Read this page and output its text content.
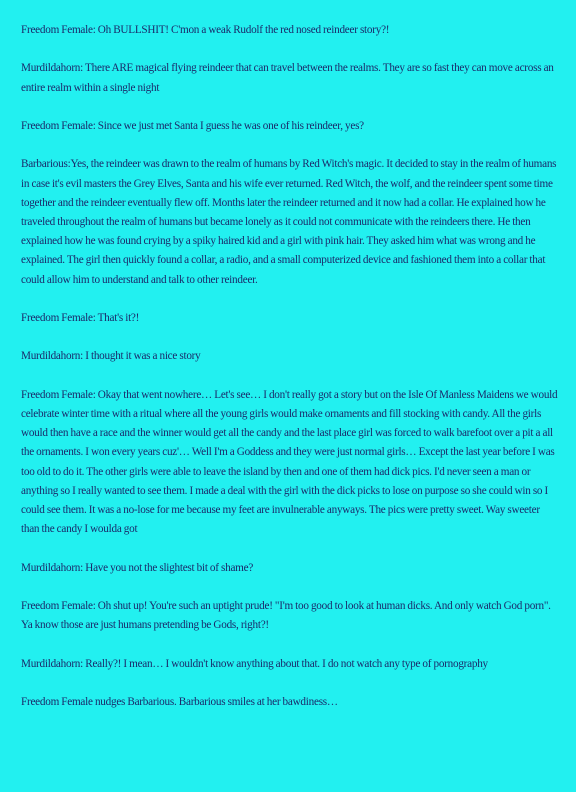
Freedom Female: Oh BULLSHIT! C'mon a weak Rudolf the red nosed reindeer story?!

Murdildahorn: There ARE magical flying reindeer that can travel between the realms. They are so fast they can move across an entire realm within a single night

Freedom Female: Since we just met Santa I guess he was one of his reindeer, yes?

Barbarious:Yes, the reindeer was drawn to the realm of humans by Red Witch's magic. It decided to stay in the realm of humans in case it's evil masters the Grey Elves, Santa and his wife ever returned. Red Witch, the wolf, and the reindeer spent some time together and the reindeer eventually flew off. Months later the reindeer returned and it now had a collar. He explained how he traveled throughout the realm of humans but became lonely as it could not communicate with the reindeers there. He then explained how he was found crying by a spiky haired kid and a girl with pink hair. They asked him what was wrong and he explained. The girl then quickly found a collar, a radio, and a small computerized device and fashioned them into a collar that could allow him to understand and talk to other reindeer.

Freedom Female: That's it?!

Murdildahorn: I thought it was a nice story

Freedom Female: Okay that went nowhere… Let's see… I don't really got a story but on the Isle Of Manless Maidens we would celebrate winter time with a ritual where all the young girls would make ornaments and fill stocking with candy. All the girls would then have a race and the winner would get all the candy and the last place girl was forced to walk barefoot over a pit a all the ornaments. I won every years cuz'… Well I'm a Goddess and they were just normal girls… Except the last year before I was too old to do it. The other girls were able to leave the island by then and one of them had dick pics. I'd never seen a man or anything so I really wanted to see them. I made a deal with the girl with the dick picks to lose on purpose so she could win so I could see them. It was a no-lose for me because my feet are invulnerable anyways. The pics were pretty sweet. Way sweeter than the candy I woulda got

Murdildahorn: Have you not the slightest bit of shame?

Freedom Female: Oh shut up! You're such an uptight prude! "I'm too good to look at human dicks. And only watch God porn". Ya know those are just humans pretending be Gods, right?!

Murdildahorn: Really?! I mean… I wouldn't know anything about that. I do not watch any type of pornography

Freedom Female nudges Barbarious. Barbarious smiles at her bawdiness…
